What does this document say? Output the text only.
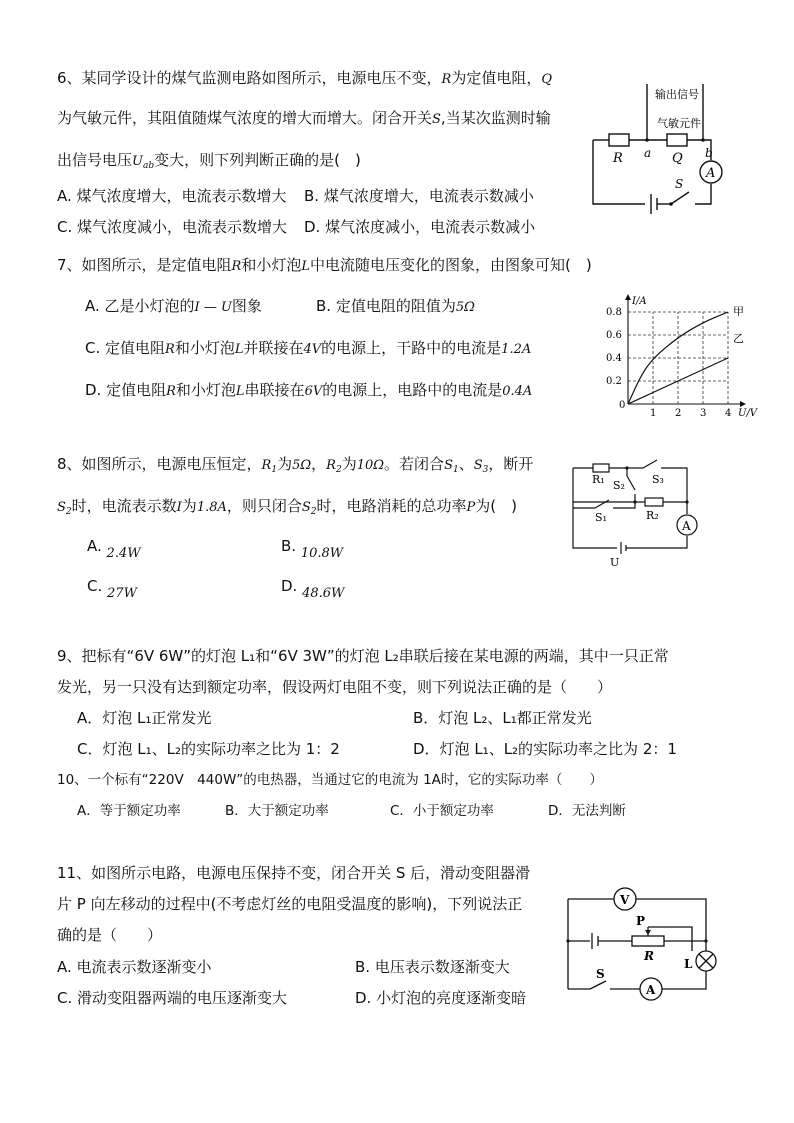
6、某同学设计的煤气监测电路如图所示，电源电压不变，R为定值电阻，Q
为气敏元件，其阻值随煤气浓度的增大而增大。闭合开关S,当某次监测时输
出信号电压$U_{ab}$变大，则下列判断正确的是(　)
A. 煤气浓度增大，电流表示数增大 B. 煤气浓度增大，电流表示数减小
C. 煤气浓度减小，电流表示数增大 D. 煤气浓度减小，电流表示数减小
A
输出信号
气敏元件
R a Q b
S
7、如图所示，是定值电阻R和小灯泡L中电流随电压变化的图象，由图象可知(　)
A. 乙是小灯泡的I — U图象	B. 定值电阻的阻值为5Ω
C. 定值电阻R和小灯泡L并联接在4V的电源上，干路中的电流是1.2A
D. 定值电阻R和小灯泡L串联接在6V的电源上，电路中的电流是0.4A
1 2 3 4
0.2
0.4
0.6
0.8
0
U/V
I/A
甲
乙
8、如图所示，电源电压恒定，$R_1$为5Ω，$R_2$为10Ω。若闭合$S_1$、$S_3$，断开
$S_2$时，电流表示数I为1.8A，则只闭合$S_2$时，电路消耗的总功率P为(　)
A. 2.4W	B. 10.8W
C. 27W	D. 48.6W
A
R₁ S₂ S₃
S₁	R₂
U
9、把标有“6V 6W”的灯泡 L₁和“6V 3W”的灯泡 L₂串联后接在某电源的两端，其中一只正常
发光，另一只没有达到额定功率，假设两灯电阻不变，则下列说法正确的是（　　）
A．灯泡 L₁正常发光	B．灯泡 L₂、L₁都正常发光
C．灯泡 L₁、L₂的实际功率之比为 1：2	D．灯泡 L₁、L₂的实际功率之比为 2：1
10、一个标有“220V　440W”的电热器，当通过它的电流为 1A时，它的实际功率（　　）
A．等于额定功率	B．大于额定功率	C．小于额定功率	D．无法判断
11、如图所示电路，电源电压保持不变，闭合开关 S 后，滑动变阻器滑
片 P 向左移动的过程中(不考虑灯丝的电阻受温度的影响)，下列说法正
确的是（　　）
A. 电流表示数逐渐变小	B. 电压表示数逐渐变大
C. 滑动变阻器两端的电压逐渐变大	D. 小灯泡的亮度逐渐变暗
V
A
P
R
L
S
